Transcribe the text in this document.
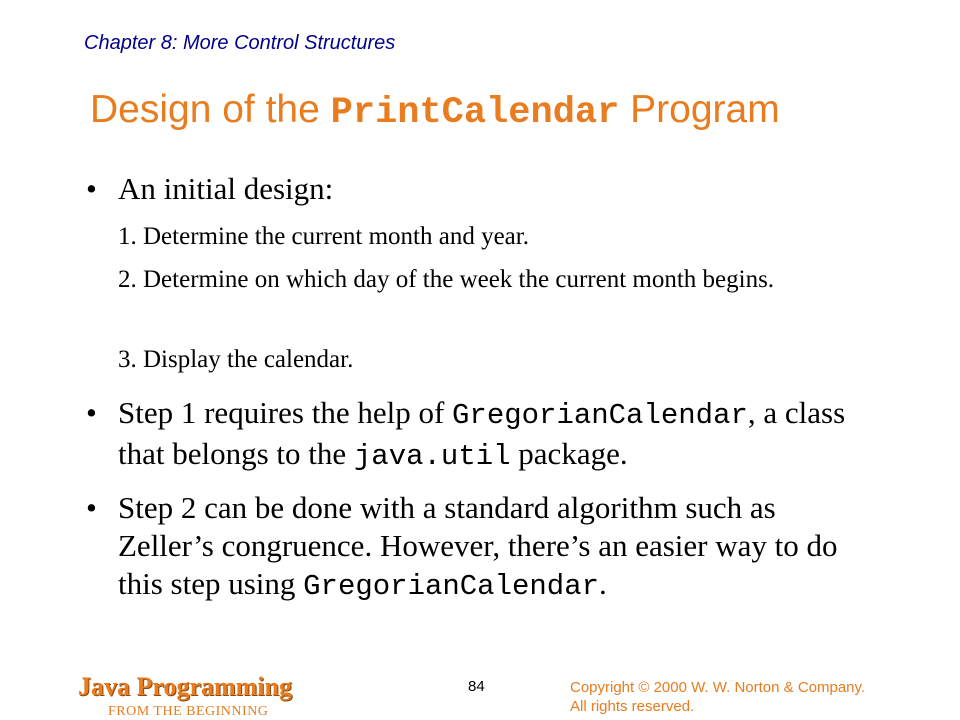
Chapter 8: More Control Structures
Design of the PrintCalendar Program
• An initial design:
1. Determine the current month and year.
2. Determine on which day of the week the current month begins.
3. Display the calendar.
• Step 1 requires the help of GregorianCalendar, a class that belongs to the java.util package.
• Step 2 can be done with a standard algorithm such as Zeller’s congruence. However, there’s an easier way to do this step using GregorianCalendar.
Java Programming
FROM THE BEGINNING
84	Copyright © 2000 W. W. Norton & Company.
All rights reserved.
